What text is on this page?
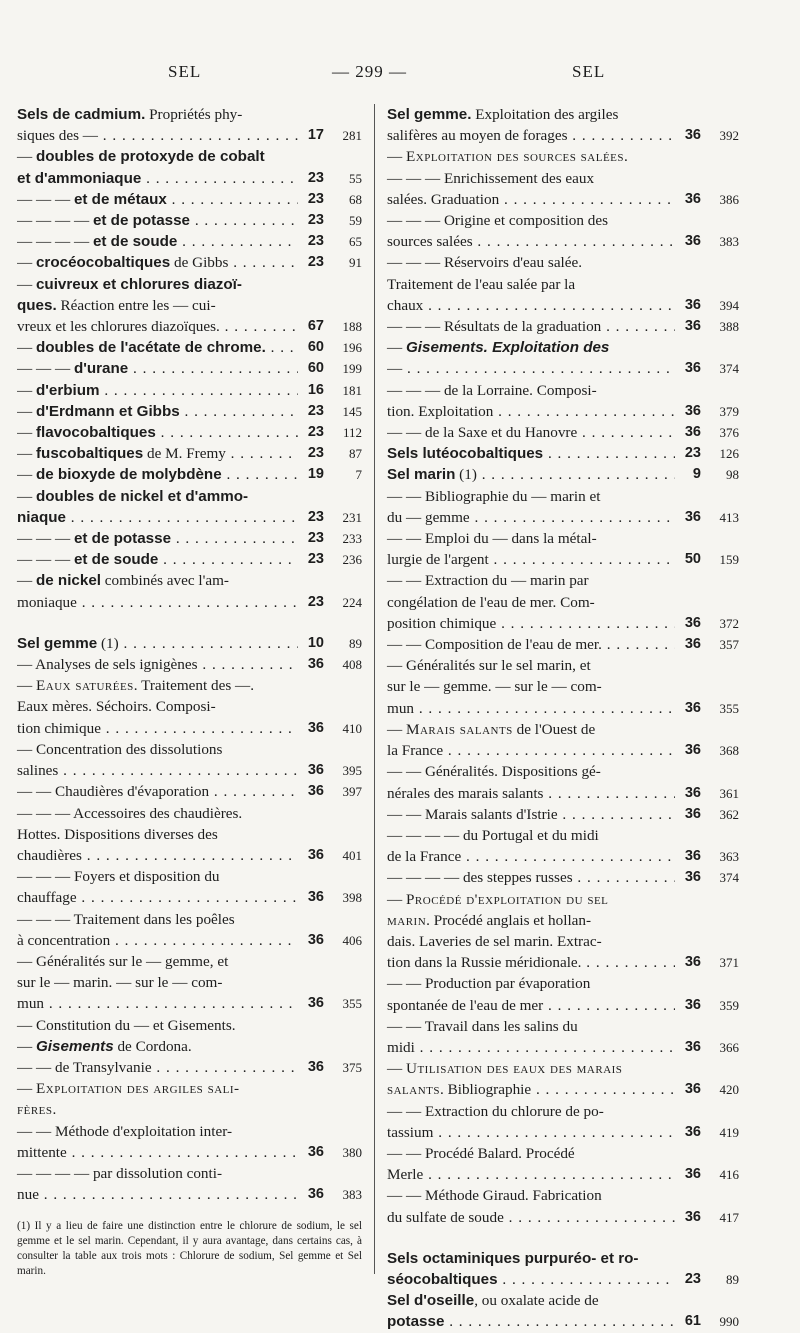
SEL	— 299 —	SEL
Sels de cadmium. Propriétés phy-
siques des — . . .	17	281
— doubles de protoxyde de cobalt
et d'ammoniaque . . .	23	55
— — — et de métaux . . .	23	68
— — — — et de potasse . . .	23	59
— — — — et de soude . . .	23	65
— crocéocobaltiques de Gibbs . . .	23	91
— cuivreux et chlorures diazoï-
ques. Réaction entre les — cui-
vreux et les chlorures diazoïques. . . .	67	188
— doubles de l'acétate de chrome. . . .	60	196
— — — d'urane . . .	60	199
— d'erbium . . .	16	181
— d'Erdmann et Gibbs . . .	23	145
— flavocobaltiques . . .	23	112
— fuscobaltiques de M. Fremy . . .	23	87
— de bioxyde de molybdène . . .	19	7
— doubles de nickel et d'ammo-
niaque . . .	23	231
— — — et de potasse . . .	23	233
— — — et de soude . . .	23	236
— de nickel combinés avec l'am-
moniaque . . .	23	224
Sel gemme (1) . . .	10	89
— Analyses de sels ignigènes . . .	36	408
— Eaux saturées. Traitement des —.
Eaux mères. Séchoirs. Composi-
tion chimique . . .	36	410
— Concentration des dissolutions
salines . . .	36	395
— — Chaudières d'évaporation . . .	36	397
— — — Accessoires des chaudières.
Hottes. Dispositions diverses des
chaudières . . .	36	401
— — — Foyers et disposition du
chauffage . . .	36	398
— — — Traitement dans les poêles
à concentration . . .	36	406
— Généralités sur le — gemme, et
sur le — marin. — sur le — com-
mun . . .	36	355
— Constitution du — et Gisements.
— Gisements de Cordona.
— — de Transylvanie . . .	36	375
— Exploitation des argiles sali-
fères.
— — Méthode d'exploitation inter-
mittente . . .	36	380
— — — — par dissolution conti-
nue . . .	36	383
(1) Il y a lieu de faire une distinction entre le chlorure de sodium, le sel gemme et le sel marin. Cependant, il y aura avantage, dans certains cas, à consulter la table aux trois mots : Chlorure de sodium, Sel gemme et Sel marin.
Sel gemme. Exploitation des argiles
salifères au moyen de forages . . .	36	392
— Exploitation des sources salées.
— — — Enrichissement des eaux
salées. Graduation . . .	36	386
— — — Origine et composition des
sources salées . . .	36	383
— — — Réservoirs d'eau salée.
Traitement de l'eau salée par la
chaux . . .	36	394
— — — Résultats de la graduation . . .	36	388
— Gisements. Exploitation des
— . . .	36	374
— — — de la Lorraine. Composi-
tion. Exploitation . . .	36	379
— — de la Saxe et du Hanovre . . .	36	376
Sels lutéocobaltiques . . .	23	126
Sel marin (1) . . .	9	98
— — Bibliographie du — marin et
du — gemme . . .	36	413
— — Emploi du — dans la métal-
lurgie de l'argent . . .	50	159
— — Extraction du — marin par
congélation de l'eau de mer. Com-
position chimique . . .	36	372
— — Composition de l'eau de mer. . . .	36	357
— Généralités sur le sel marin, et
sur le — gemme. — sur le — com-
mun . . .	36	355
— Marais salants de l'Ouest de
la France . . .	36	368
— — Généralités. Dispositions gé-
nérales des marais salants . . .	36	361
— — Marais salants d'Istrie . . .	36	362
— — — — du Portugal et du midi
de la France . . .	36	363
— — — — des steppes russes . . .	36	374
— Procédé d'exploitation du sel
marin. Procédé anglais et hollan-
dais. Laveries de sel marin. Extrac-
tion dans la Russie méridionale. . . .	36	371
— — Production par évaporation
spontanée de l'eau de mer . . .	36	359
— — Travail dans les salins du
midi . . .	36	366
— Utilisation des eaux des marais
salants. Bibliographie . . .	36	420
— — Extraction du chlorure de po-
tassium . . .	36	419
— — Procédé Balard. Procédé
Merle . . .	36	416
— — Méthode Giraud. Fabrication
du sulfate de soude . . .	36	417
Sels octaminiques purpuréo- et ro-
séocobaltiques . . .	23	89
Sel d'oseille, ou oxalate acide de
potasse . . .	61	990
